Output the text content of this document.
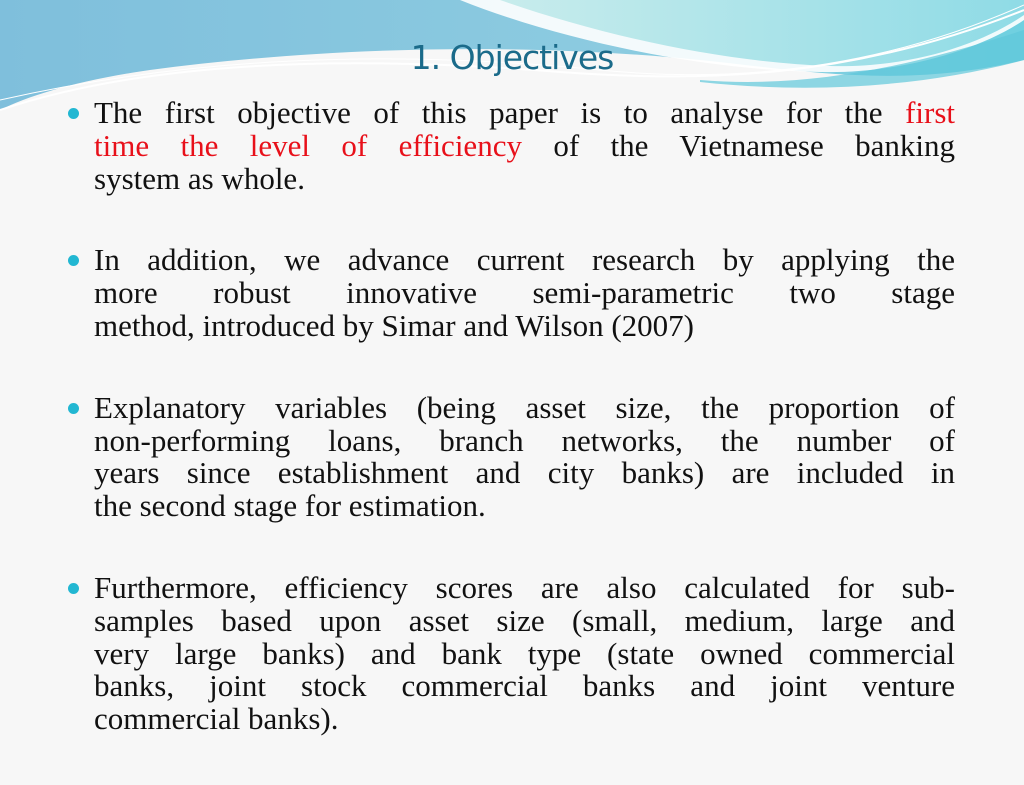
1. Objectives
The first objective of this paper is to analyse for the first
time the level of efficiency of the Vietnamese banking
system as whole.
In addition, we advance current research by applying the
more robust innovative semi-parametric two stage
method, introduced by Simar and Wilson (2007)
Explanatory variables (being asset size, the proportion of
non-performing loans, branch networks, the number of
years since establishment and city banks) are included in
the second stage for estimation.
Furthermore, efficiency scores are also calculated for sub-
samples based upon asset size (small, medium, large and
very large banks) and bank type (state owned commercial
banks, joint stock commercial banks and joint venture
commercial banks).
